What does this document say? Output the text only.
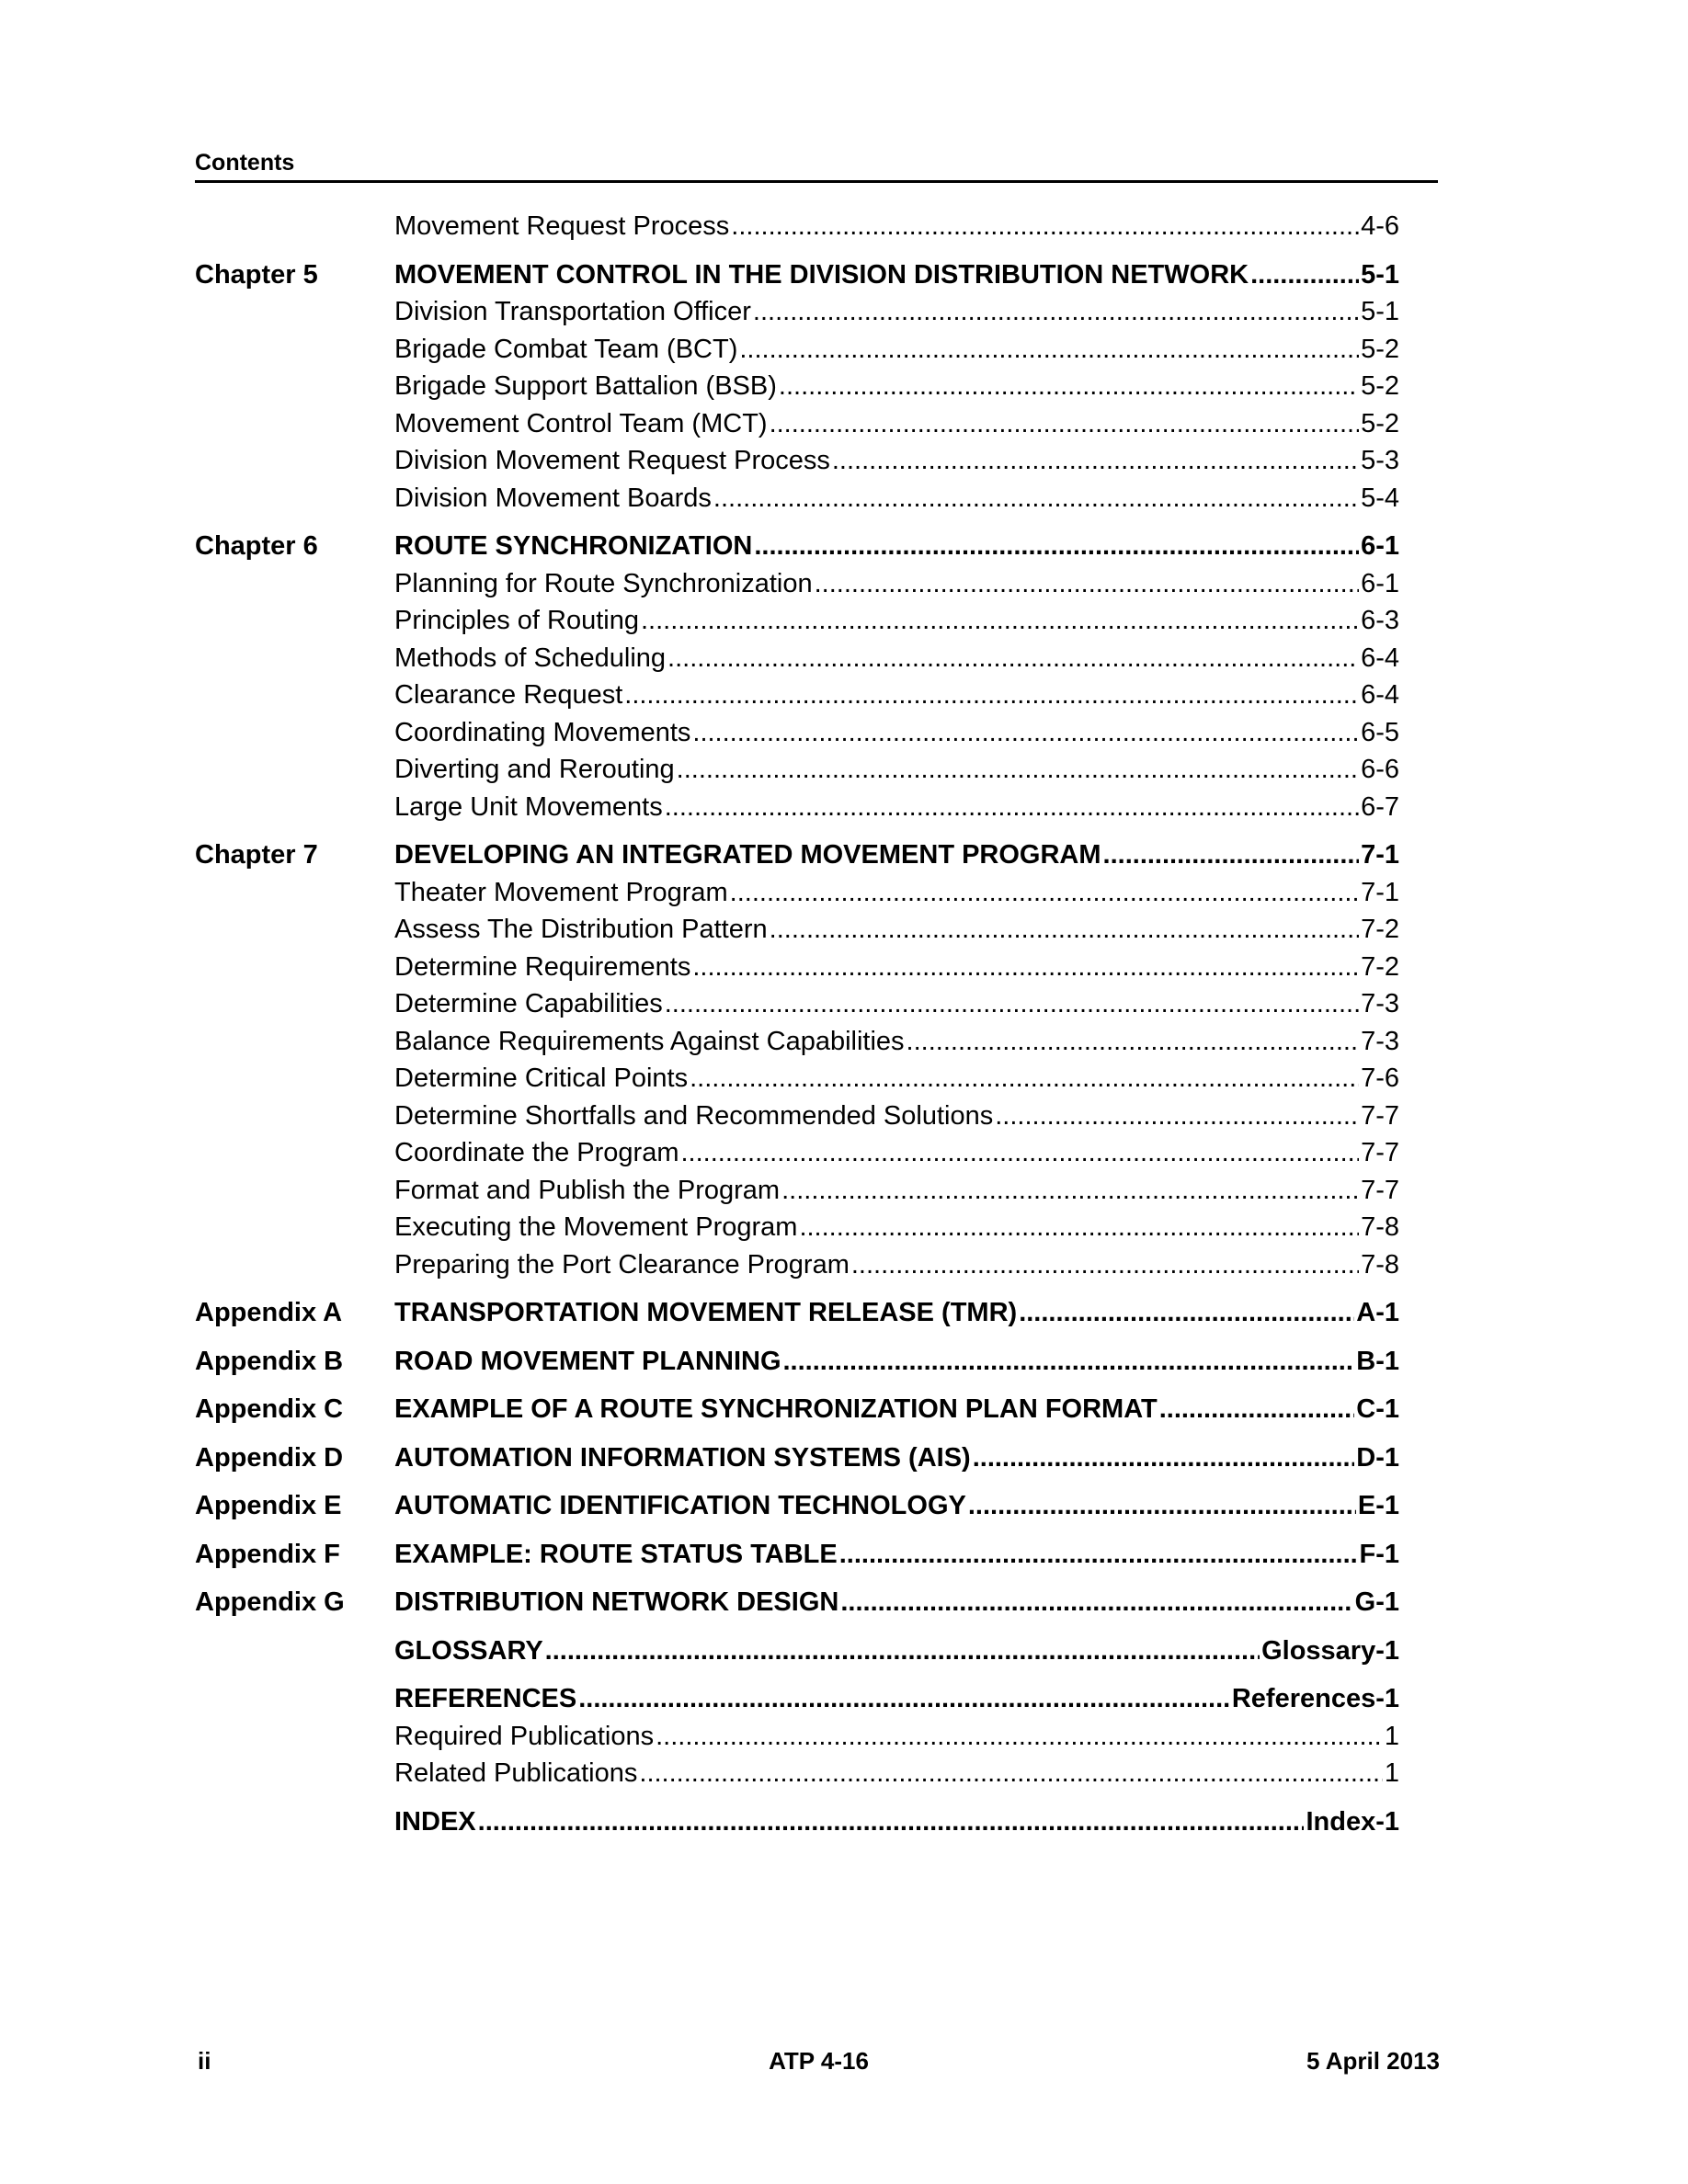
Contents
Movement Request Process .....	4-6
Chapter 5	MOVEMENT CONTROL IN THE DIVISION DISTRIBUTION NETWORK .....	5-1
Division Transportation Officer .....	5-1
Brigade Combat Team (BCT) .....	5-2
Brigade Support Battalion (BSB) .....	5-2
Movement Control Team (MCT) .....	5-2
Division Movement Request Process .....	5-3
Division Movement Boards .....	5-4
Chapter 6	ROUTE SYNCHRONIZATION .....	6-1
Planning for Route Synchronization .....	6-1
Principles of Routing .....	6-3
Methods of Scheduling .....	6-4
Clearance Request .....	6-4
Coordinating Movements .....	6-5
Diverting and Rerouting .....	6-6
Large Unit Movements .....	6-7
Chapter 7	DEVELOPING AN INTEGRATED MOVEMENT PROGRAM .....	7-1
Theater Movement Program .....	7-1
Assess The Distribution Pattern .....	7-2
Determine Requirements .....	7-2
Determine Capabilities .....	7-3
Balance Requirements Against Capabilities .....	7-3
Determine Critical Points .....	7-6
Determine Shortfalls and Recommended Solutions .....	7-7
Coordinate the Program .....	7-7
Format and Publish the Program .....	7-7
Executing the Movement Program .....	7-8
Preparing the Port Clearance Program .....	7-8
Appendix A	TRANSPORTATION MOVEMENT RELEASE (TMR) .....	A-1
Appendix B	ROAD MOVEMENT PLANNING .....	B-1
Appendix C	EXAMPLE OF A ROUTE SYNCHRONIZATION PLAN FORMAT .....	C-1
Appendix D	AUTOMATION INFORMATION SYSTEMS (AIS) .....	D-1
Appendix E	AUTOMATIC IDENTIFICATION TECHNOLOGY .....	E-1
Appendix F	EXAMPLE: ROUTE STATUS TABLE .....	F-1
Appendix G	DISTRIBUTION NETWORK DESIGN .....	G-1
GLOSSARY .....	Glossary-1
REFERENCES .....	References-1
Required Publications .....	1
Related Publications .....	1
INDEX .....	Index-1
ii	ATP 4-16	5 April 2013
